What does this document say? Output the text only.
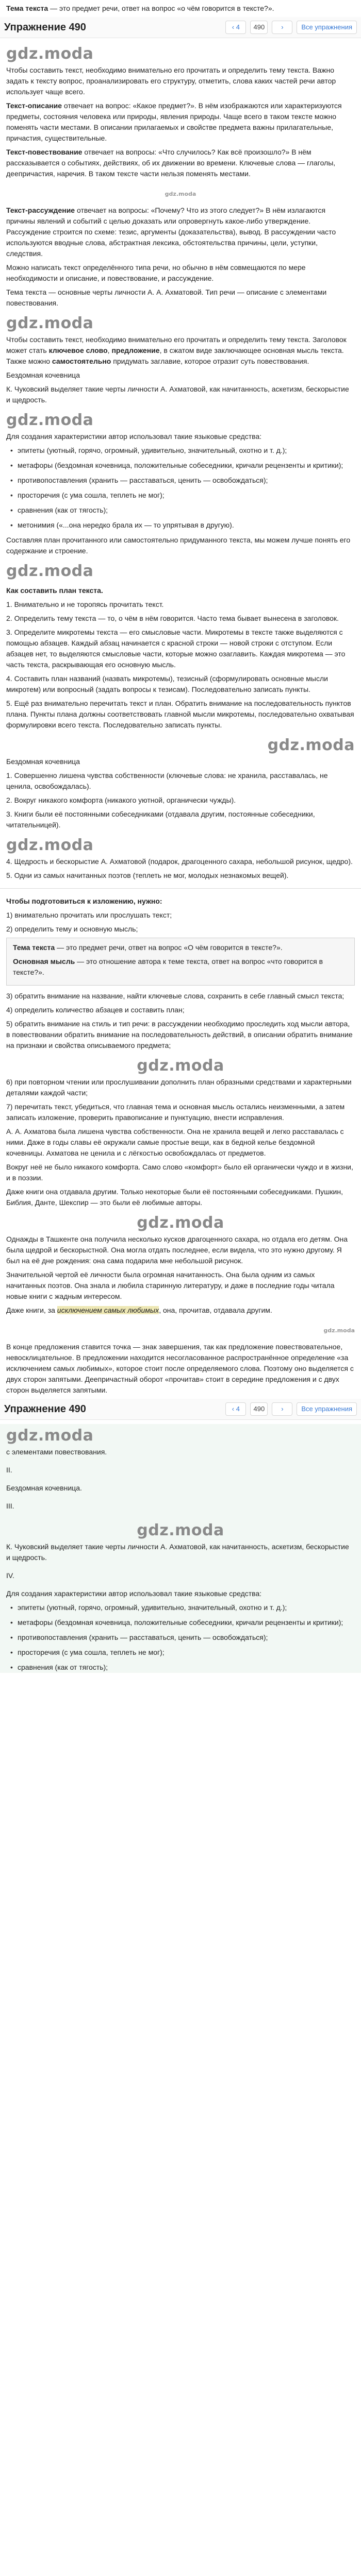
Тема текста — это предмет речи, ответ на вопрос «о чём говорится в тексте?».

Упражнение 490	‹ 4	490	›	Все упражнения
gdz.moda

Чтобы составить текст, необходимо внимательно его прочитать и определить тему текста. Важно задать к тексту вопрос, проанализировать его структуру, отметить, слова каких частей речи автор использует чаще всего.

Текст-описание отвечает на вопрос: «Какое предмет?». В нём изображаются или характеризуются предметы, состояния человека или природы, явления природы. Чаще всего в таком тексте можно поменять части местами. В описании прилагаемых и свойстве предмета важны прилагательные, причастия, существительные.

Текст-повествование отвечает на вопросы: «Что случилось? Как всё произошло?» В нём рассказывается о событиях, действиях, об их движении во времени. Ключевые слова — глаголы, деепричастия, наречия. В таком тексте части нельзя поменять местами.

gdz.moda

Текст-рассуждение отвечает на вопросы: «Почему? Что из этого следует?» В нём излагаются причины явлений и событий с целью доказать или опровергнуть какое-либо утверждение. Рассуждение строится по схеме: тезис, аргументы (доказательства), вывод. В рассуждении часто используются вводные слова, абстрактная лексика, обстоятельства причины, цели, уступки, следствия.

Можно написать текст определённого типа речи, но обычно в нём совмещаются по мере необходимости и описание, и повествование, и рассуждение.

Тема текста — основные черты личности А. А. Ахматовой. Тип речи — описание с элементами повествования.

gdz.moda

Чтобы составить текст, необходимо внимательно его прочитать и определить тему текста. Заголовок может стать ключевое слово, предложение, в сжатом виде заключающее основная мысль текста. Также можно самостоятельно придумать заглавие, которое отразит суть повествования.

Бездомная кочевница

К. Чуковский выделяет такие черты личности А. Ахматовой, как начитанность, аскетизм, бескорыстие и щедрость.

gdz.moda

Для создания характеристики автор использовал такие языковые средства:

• эпитеты (уютный, горячо, огромный, удивительно, значительный, охотно и т. д.);
• метафоры (бездомная кочевница, положительные собеседники, кричали рецензенты и критики);
• противопоставления (хранить — расставаться, ценить — освобождаться);
• просторечия (с ума сошла, теплеть не мог);
• сравнения (как от тягость);
• метонимия («...она нередко брала их — то упрятывая в другую).

Составляя план прочитанного или самостоятельно придуманного текста, мы можем лучше понять его содержание и строение.

gdz.moda

Как составить план текста.

1. Внимательно и не торопясь прочитать текст.

2. Определить тему текста — то, о чём в нём говорится. Часто тема бывает вынесена в заголовок.

3. Определите микротемы текста — его смысловые части. Микротемы в тексте также выделяются с помощью абзацев. Каждый абзац начинается с красной строки — новой строки с отступом. Если абзацев нет, то выделяются смысловые части, которые можно озаглавить. Каждая микротема — это часть текста, раскрывающая его основную мысль.

4. Составить план названий (назвать микротемы), тезисный (сформулировать основные мысли микротем) или вопросный (задать вопросы к тезисам). Последовательно записать пункты.

5. Ещё раз внимательно перечитать текст и план. Обратить внимание на последовательность пунктов плана. Пункты плана должны соответствовать главной мысли микротемы, последовательно охватывая формулировки всего текста. Последовательно записать пункты.

gdz.moda

Бездомная кочевница

1. Совершенно лишена чувства собственности (ключевые слова: не хранила, расставалась, не ценила, освобождалась).

2. Вокруг никакого комфорта (никакого уютной, органически чужды).

3. Книги были её постоянными собеседниками (отдавала другим, постоянные собеседники, читательницей).

gdz.moda

4. Щедрость и бескорыстие А. Ахматовой (подарок, драгоценного сахара, небольшой рисунок, щедро).

5. Одни из самых начитанных поэтов (теплеть не мог, молодых незнакомых вещей).

Чтобы подготовиться к изложению, нужно:

1) внимательно прочитать или прослушать текст;

2) определить тему и основную мысль;

Тема текста — это предмет речи, ответ на вопрос «О чём говорится в тексте?».

Основная мысль — это отношение автора к теме текста, ответ на вопрос «что говорится в тексте?».

3) обратить внимание на название, найти ключевые слова, сохранить в себе главный смысл текста;

4) определить количество абзацев и составить план;

5) обратить внимание на стиль и тип речи: в рассуждении необходимо проследить ход мысли автора, в повествовании обратить внимание на последовательность действий, в описании обратить внимание на признаки и свойства описываемого предмета;

gdz.moda

6) при повторном чтении или прослушивании дополнить план образными средствами и характерными деталями каждой части;

7) перечитать текст, убедиться, что главная тема и основная мысль остались неизменными, а затем записать изложение, проверить правописание и пунктуацию, внести исправления.

А. А. Ахматова была лишена чувства собственности. Она не хранила вещей и легко расставалась с ними. Даже в годы славы её окружали самые простые вещи, как в бедной келье бездомной кочевницы. Ахматова не ценила и с лёгкостью освобождалась от предметов.

Вокруг неё не было никакого комфорта. Само слово «комфорт» было ей органически чуждо и в жизни, и в поэзии.

Даже книги она отдавала другим. Только некоторые были её постоянными собеседниками. Пушкин, Библия, Данте, Шекспир — это были её любимые авторы.

gdz.moda

Однажды в Ташкенте она получила несколько кусков драгоценного сахара, но отдала его детям. Она была щедрой и бескорыстной. Она могла отдать последнее, если видела, что это нужно другому. Я был на её дне рождения: она сама подарила мне небольшой рисунок.

Значительной чертой её личности была огромная начитанность. Она была одним из самых начитанных поэтов. Она знала и любила старинную литературу, и даже в последние годы читала новые книги с жадным интересом.

Даже книги, за исключением самых любимых, она, прочитав, отдавала другим.

gdz.moda

В конце предложения ставится точка — знак завершения, так как предложение повествовательное, невосклицательное. В предложении находится несогласованное распространённое определение «за исключением самых любимых», которое стоит после определяемого слова. Поэтому оно выделяется с двух сторон запятыми. Деепричастный оборот «прочитав» стоит в середине предложения и с двух сторон выделяется запятыми.

Упражнение 490	‹ 4	490	›	Все упражнения
gdz.moda

с элементами повествования.

II.

Бездомная кочевница.

III.

gdz.moda

К. Чуковский выделяет такие черты личности А. Ахматовой, как начитанность, аскетизм, бескорыстие и щедрость.

IV.

Для создания характеристики автор использовал такие языковые средства:

• эпитеты (уютный, горячо, огромный, удивительно, значительный, охотно и т. д.);
• метафоры (бездомная кочевница, положительные собеседники, кричали рецензенты и критики);
• противопоставления (хранить — расставаться, ценить — освобождаться);
• просторечия (с ума сошла, теплеть не мог);
• сравнения (как от тягость);
